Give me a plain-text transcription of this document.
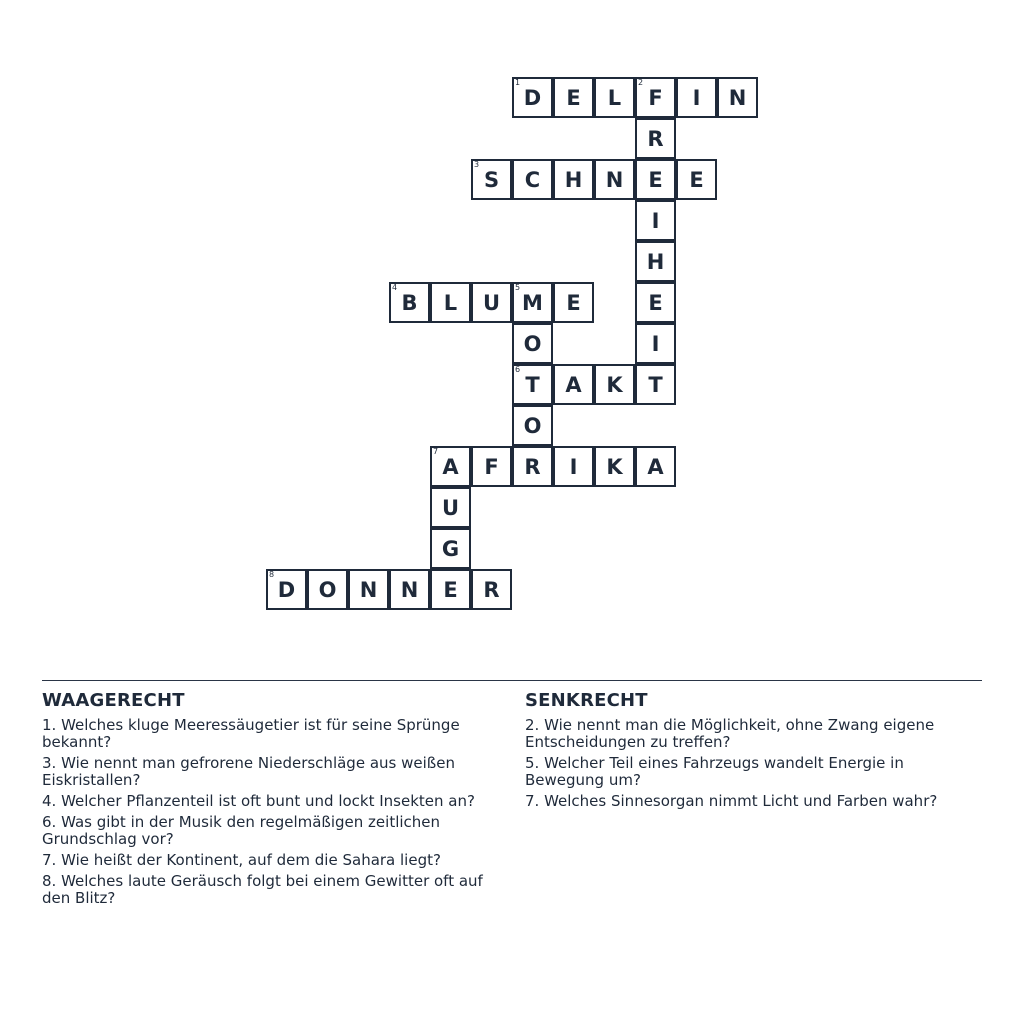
1
D	E	L
2
F	I	N
R
3
S	C	H	N	E	E
I
H
4
B	L	U
5
M	E	E
O	I
6
T	A	K	T
O
7
A	F	R	I	K	A
U
G
8
D	O	N	N	E	R
WAAGERECHT
1. Welches kluge Meeressäugetier ist für seine Sprünge bekannt?
3. Wie nennt man gefrorene Niederschläge aus weißen Eiskristallen?
4. Welcher Pflanzenteil ist oft bunt und lockt Insekten an?
6. Was gibt in der Musik den regelmäßigen zeitlichen Grundschlag vor?
7. Wie heißt der Kontinent, auf dem die Sahara liegt?
8. Welches laute Geräusch folgt bei einem Gewitter oft auf den Blitz?
SENKRECHT
2. Wie nennt man die Möglichkeit, ohne Zwang eigene Entscheidungen zu treffen?
5. Welcher Teil eines Fahrzeugs wandelt Energie in Bewegung um?
7. Welches Sinnesorgan nimmt Licht und Farben wahr?
